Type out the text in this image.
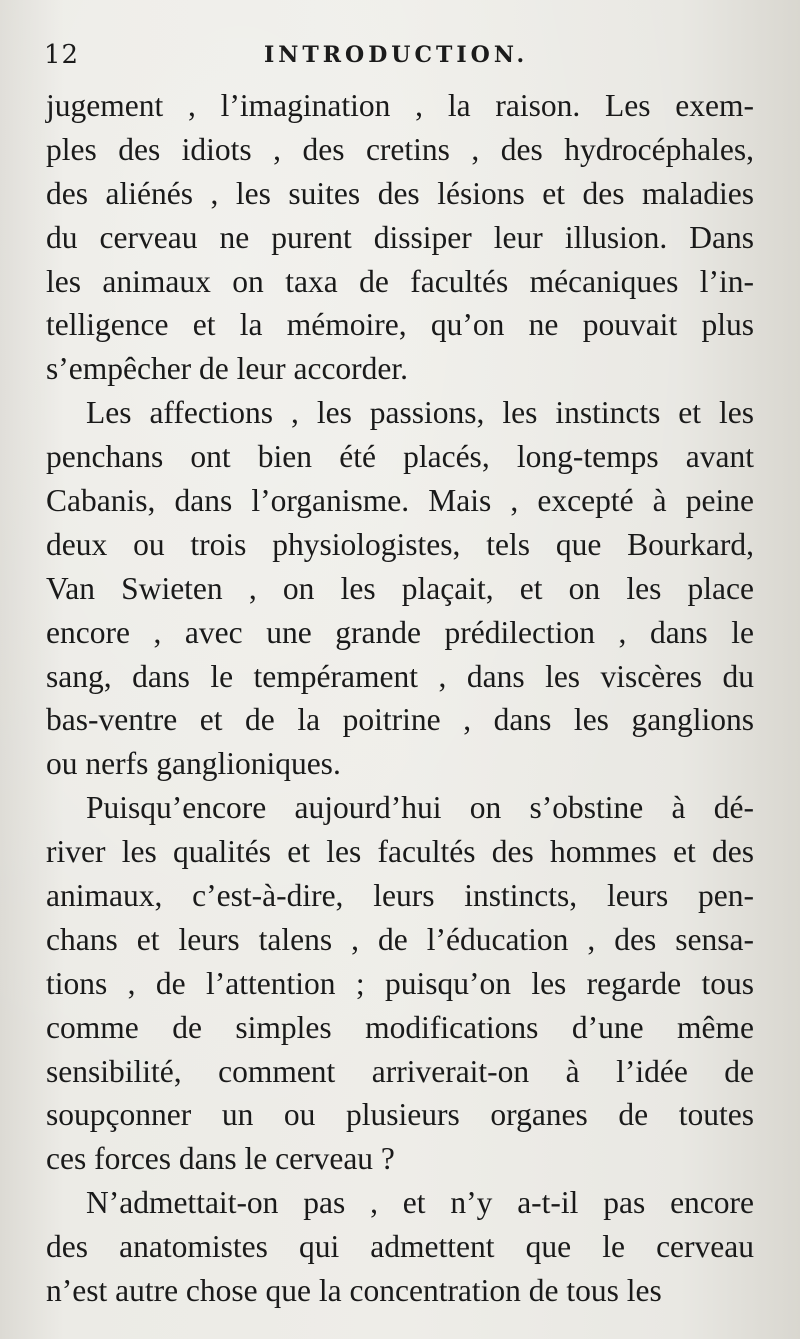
12	INTRODUCTION.
jugement , l’imagination , la raison. Les exem-
ples des idiots , des cretins , des hydrocéphales,
des aliénés , les suites des lésions et des maladies
du cerveau ne purent dissiper leur illusion. Dans
les animaux on taxa de facultés mécaniques l’in-
telligence et la mémoire, qu’on ne pouvait plus
s’empêcher de leur accorder.
Les affections , les passions, les instincts et les
penchans ont bien été placés, long-temps avant
Cabanis, dans l’organisme. Mais , excepté à peine
deux ou trois physiologistes, tels que Bourkard,
Van Swieten , on les plaçait, et on les place
encore , avec une grande prédilection , dans le
sang, dans le tempérament , dans les viscères du
bas-ventre et de la poitrine , dans les ganglions
ou nerfs ganglioniques.
Puisqu’encore aujourd’hui on s’obstine à dé-
river les qualités et les facultés des hommes et des
animaux, c’est-à-dire, leurs instincts, leurs pen-
chans et leurs talens , de l’éducation , des sensa-
tions , de l’attention ; puisqu’on les regarde tous
comme de simples modifications d’une même
sensibilité, comment arriverait-on à l’idée de
soupçonner un ou plusieurs organes de toutes
ces forces dans le cerveau ?
N’admettait-on pas , et n’y a-t-il pas encore
des anatomistes qui admettent que le cerveau
n’est autre chose que la concentration de tous les
